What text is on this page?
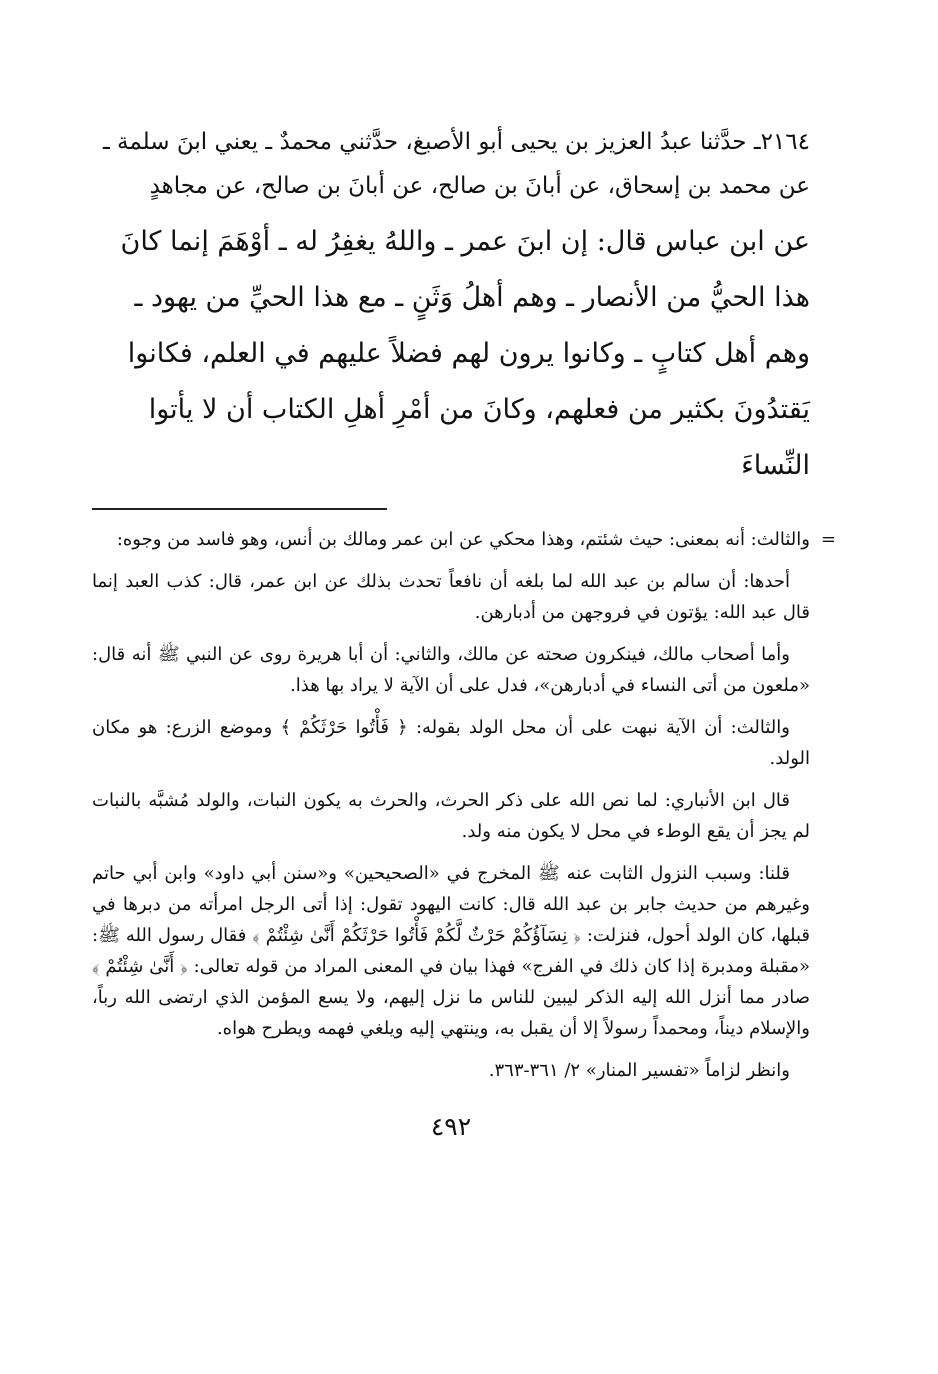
٢١٦٤ـ حدَّثنا عبدُ العزيز بن يحيى أبو الأصبغ، حدَّثني محمدٌ ـ يعني ابنَ سلمة ـ عن محمد بن إسحاق، عن أبانَ بن صالح، عن أبانَ بن صالح، عن مجاهدٍ

عن ابن عباس قال: إن ابنَ عمر ـ واللهُ يغفِرُ له ـ أوْهَمَ إنما كانَ هذا الحيُّ من الأنصار ـ وهم أهلُ وَثَنٍ ـ مع هذا الحيِّ من يهود ـ وهم أهل كتابٍ ـ وكانوا يرون لهم فضلاً عليهم في العلم، فكانوا يَقتدُونَ بكثير من فعلهم، وكانَ من أمْرِ أهلِ الكتاب أن لا يأتوا النِّساءَ

=

والثالث: أنه بمعنى: حيث شئتم، وهذا محكي عن ابن عمر ومالك بن أنس، وهو فاسد من وجوه:

أحدها: أن سالم بن عبد الله لما بلغه أن نافعاً تحدث بذلك عن ابن عمر، قال: كذب العبد إنما قال عبد الله: يؤتون في فروجهن من أدبارهن.

وأما أصحاب مالك، فينكرون صحته عن مالك، والثاني: أن أبا هريرة روى عن النبي ﷺ أنه قال: «ملعون من أتى النساء في أدبارهن»، فدل على أن الآية لا يراد بها هذا.

والثالث: أن الآية نبهت على أن محل الولد بقوله: ﴿ فَأْتُوا حَرْثَكُمْ ﴾ وموضع الزرع: هو مكان الولد.

قال ابن الأنباري: لما نص الله على ذكر الحرث، والحرث به يكون النبات، والولد مُشبَّه بالنبات لم يجز أن يقع الوطء في محل لا يكون منه ولد.

قلنا: وسبب النزول الثابت عنه ﷺ المخرج في «الصحيحين» و«سنن أبي داود» وابن أبي حاتم وغيرهم من حديث جابر بن عبد الله قال: كانت اليهود تقول: إذا أتى الرجل امرأته من دبرها في قبلها، كان الولد أحول، فنزلت: ﴿ نِسَآؤُكُمْ حَرْثٌ لَّكُمْ فَأْتُوا حَرْثَكُمْ أَنَّىٰ شِئْتُمْ ﴾ فقال رسول الله ﷺ: «مقبلة ومدبرة إذا كان ذلك في الفرج» فهذا بيان في المعنى المراد من قوله تعالى: ﴿ أَنَّىٰ شِئْتُمْ ﴾ صادر مما أنزل الله إليه الذكر ليبين للناس ما نزل إليهم، ولا يسع المؤمن الذي ارتضى الله رباً، والإسلام ديناً، ومحمداً رسولاً إلا أن يقبل به، وينتهي إليه ويلغي فهمه ويطرح هواه.

وانظر لزاماً «تفسير المنار» ٢/ ٣٦١-٣٦٣.

٤٩٢
